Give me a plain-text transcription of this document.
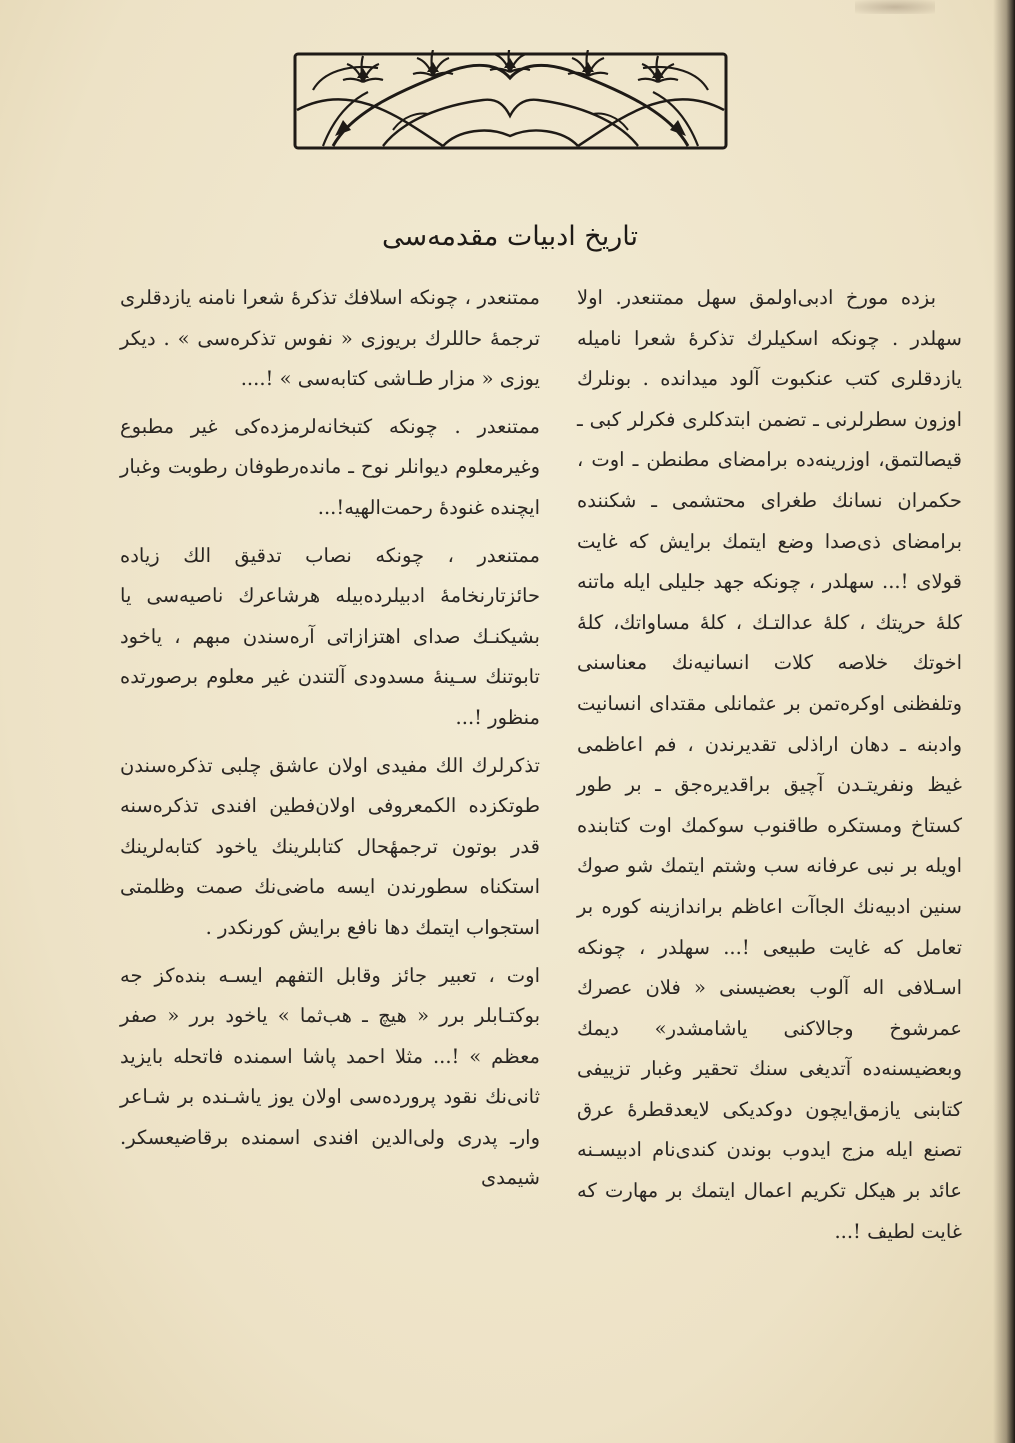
تاریخ ادبیات مقدمه‌سی

بزده مورخ ادبی‌اولمق سهل ممتنعدر. اولا سهلدر . چونکه اسکیلرك تذکرهٔ شعرا نامیله یازدقلری کتب عنکبوت آلود میدانده . بونلرك اوزون سطرلرنی ـ تضمن ابتدکلری فکرلر کبی ـ قیصالتمق، اوزرینه‌ده برامضای مطنطن ـ اوت ، حکمران نسانك طغرای محتشمی ـ شکننده برامضای ذی‌صدا وضع ایتمك برایش که غایت قولای !... سهلدر ، چونکه جهد جلیلی ایله ماتنه کلهٔ حریتك ، کلهٔ عدالتـك ، کلهٔ مساواتك، کلهٔ اخوتك خلاصه کلات انسانیه‌نك معناسنی وتلفظنی اوکره‌تمن بر عثمانلی مقتدای انسانیت وادبنه ـ دهان اراذلی تقدیرندن ، فم اعاظمی غیظ ونفریتـدن آچیق براقدیره‌جق ـ بر طور کستاخ ومستکره طاقنوب سوکمك اوت کتابنده اویله بر نبی عرفانه سب وشتم ایتمك شو صوك سنین ادبیه‌نك الجاآت اعاظم برانداز‌ینه کوره بر تعامل که غایت طبیعی !... سهلدر ، چونکه اسـلافی اله آلوب بعضیسنی « فلان عصرك عمرشوخ وجالاکنی یاشامشدر» دیمك وبعضیسنه‌ده آتدیغی سنك تحقیر وغبار تزییفی کتابنی یازمق‌ایچون دوکدیکی لایعدقطرهٔ عرق تصنع ایله مزج ایدوب بوندن کندی‌نام ادبیسـنه عائد بر هیکل تکریم اعمال ایتمك بر مهارت که غایت لطیف !...

ممتنعدر ، چونکه اسلافك تذکرهٔ شعرا نامنه یازدقلری ترجمهٔ حاللرك بریوزی « نفوس تذکره‌سی » . دیکر یوزی « مزار طـاشی کتابه‌سی » !....

ممتنعدر . چونکه کتبخانه‌لرمزده‌کی غیر مطبوع وغیرمعلوم دیوانلر نوح ـ مانده‌رطوفان رطوبت وغبار ایچنده غنودهٔ رحمت‌الهیه!...

ممتنعدر ، چونکه نصاب تدقیق الك زیاده حائزتارنخامهٔ ادبیلرده‌بیله هرشاعرك ناصیه‌سی یا بشیکنـك صدای اهتزازاتی آره‌سندن مبهم ، یاخود تابوتنك سـینهٔ مسدودی آلتندن غیر معلوم برصورتده منظور !...

تذکرلرك الك مفیدی اولان عاشق چلبی تذکره‌سندن طوتکزده الكمعروفی اولان‌فطین افندی تذکره‌سنه قدر بوتون ترجمهٔحال کتابلرینك یاخود کتابه‌لرینك استکناه سطورندن ایسه ماضی‌نك صمت وظلمتی استجواب ایتمك دها نافع برایش کورنکدر .

اوت ، تعبیر جائز وقابل التفهم ایسـه بنده‌کز جه بوکتـابلر برر « هیچ ـ هب‌ثما » یاخود برر « صفر معظم » !... مثلا احمد پاشا اسمنده فاتحله بایزید ثانی‌نك نقود پرورده‌سی اولان یوز یاشـنده بر شـاعر وارـ پدری ولی‌الدین افندی اسمنده برقاضیعسکر. شیمدی
